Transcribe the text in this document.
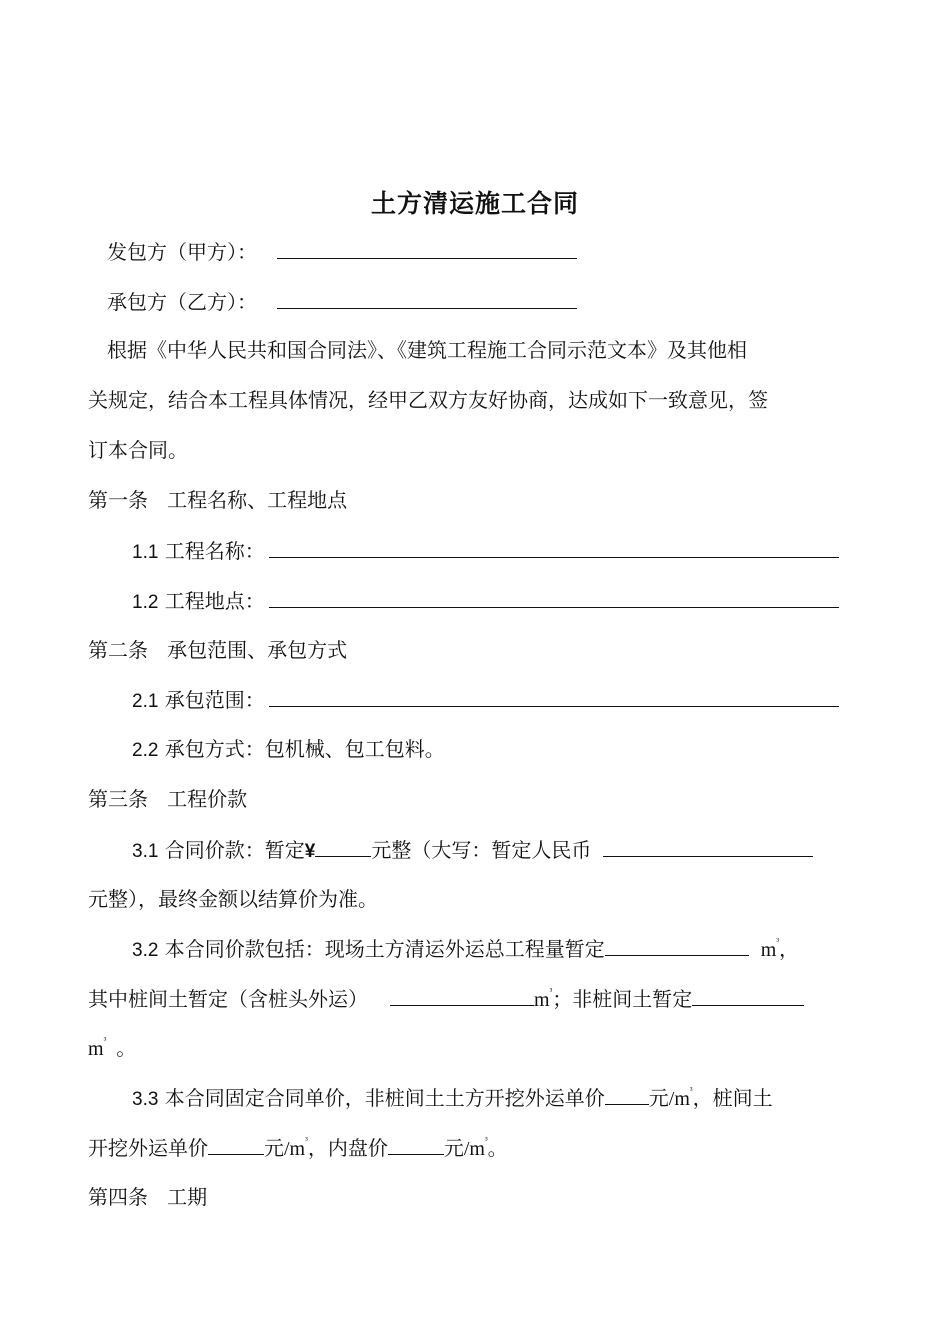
土方清运施工合同
发包方（甲方）：
承包方（乙方）：
根据《中华人民共和国合同法》、《建筑工程施工合同示范文本》及其他相
关规定，结合本工程具体情况，经甲乙双方友好协商，达成如下一致意见，签
订本合同。
第一条   工程名称、工程地点
1.1 工程名称：
1.2 工程地点：
第二条   承包范围、承包方式
2.1 承包范围：
2.2 承包方式：包机械、包工包料。
第三条   工程价款
3.1 合同价款：暂定¥	元整（大写：暂定人民币
元整），最终金额以结算价为准。
3.2 本合同价款包括：现场土方清运外运总工程量暂定	$m^{^3}$，
其中桩间土暂定（含桩头外运）	$m^{^3}$；非桩间土暂定
$m^{^3}$ 。
3.3 本合同固定合同单价，非桩间土土方开挖外运单价 元$/m^{^3}$，桩间土
开挖外运单价	元$/m^{^3}$，内盘价	元$/m^{^3}$。
第四条   工期
